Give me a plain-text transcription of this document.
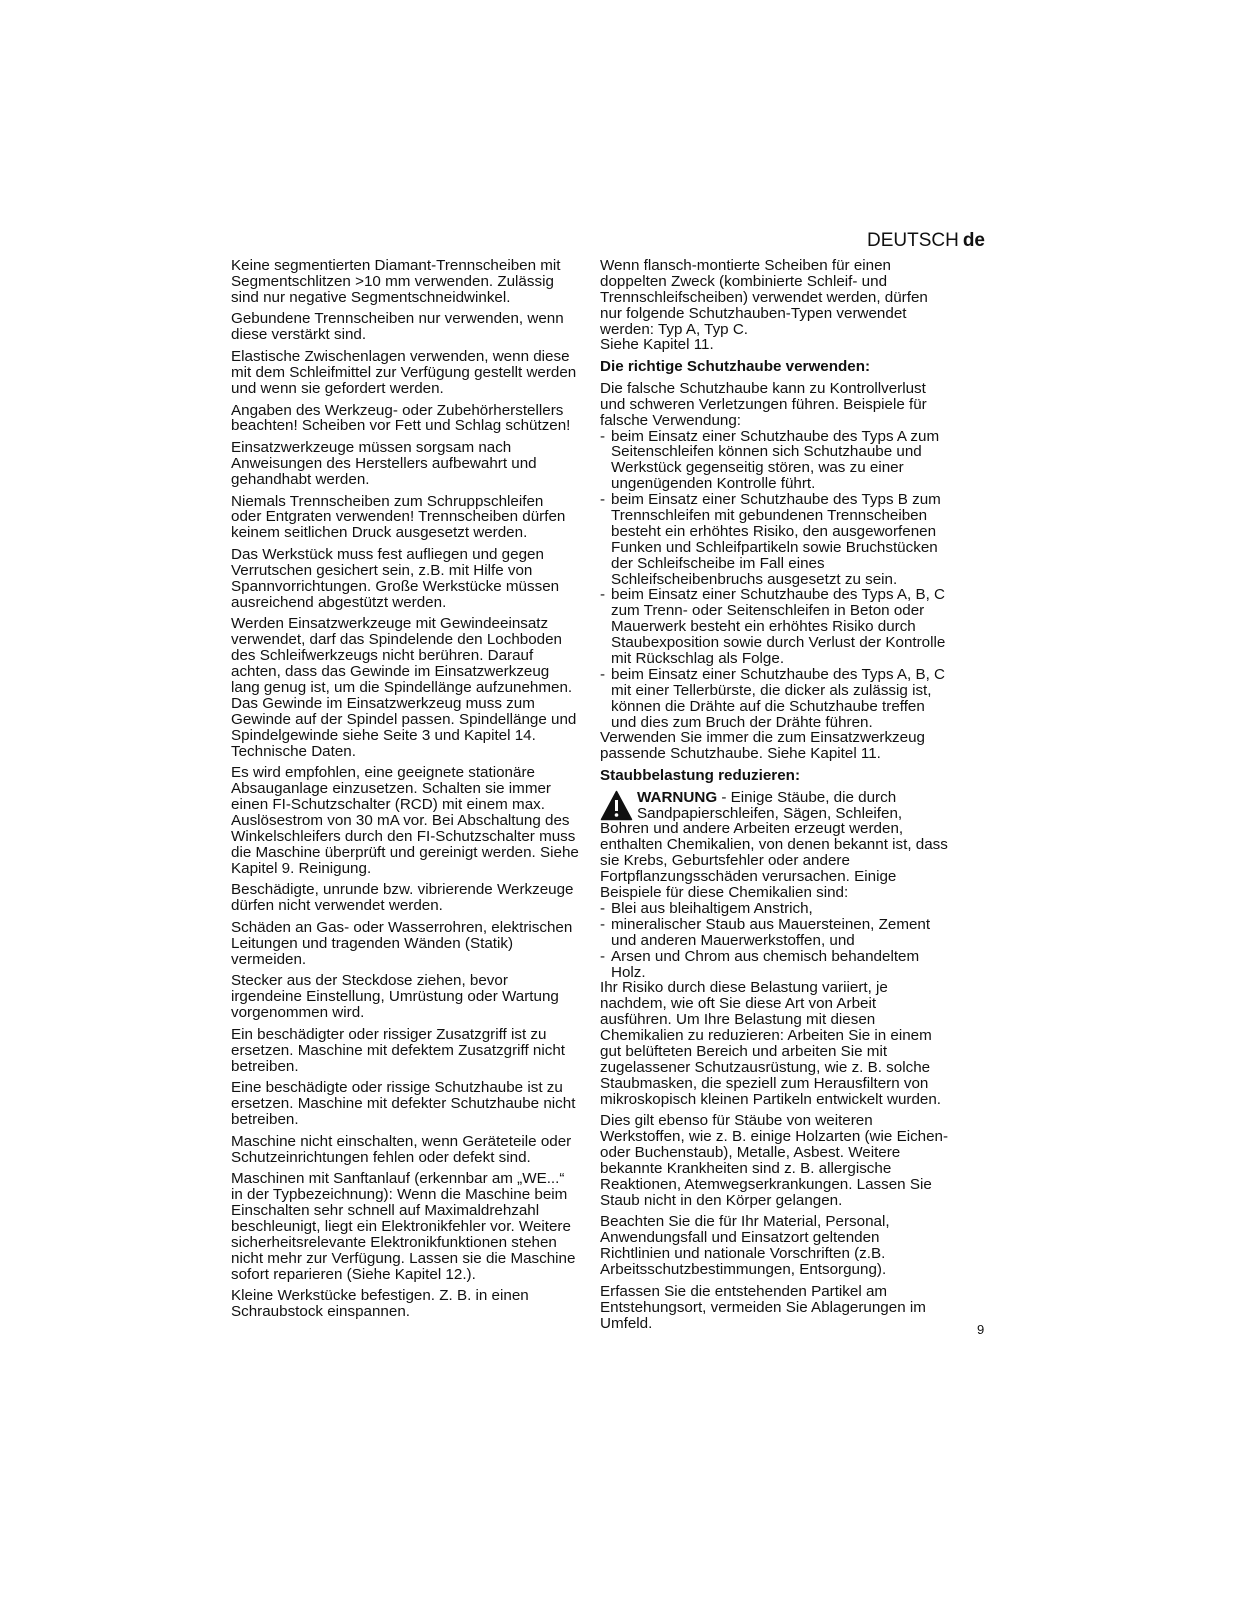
DEUTSCH de
Keine segmentierten Diamant-Trennscheiben mit
Segmentschlitzen >10 mm verwenden. Zulässig
sind nur negative Segmentschneidwinkel.
Gebundene Trennscheiben nur verwenden, wenn
diese verstärkt sind.
Elastische Zwischenlagen verwenden, wenn diese
mit dem Schleifmittel zur Verfügung gestellt werden
und wenn sie gefordert werden.
Angaben des Werkzeug- oder Zubehörherstellers
beachten! Scheiben vor Fett und Schlag schützen!
Einsatzwerkzeuge müssen sorgsam nach
Anweisungen des Herstellers aufbewahrt und
gehandhabt werden.
Niemals Trennscheiben zum Schruppschleifen
oder Entgraten verwenden! Trennscheiben dürfen
keinem seitlichen Druck ausgesetzt werden.
Das Werkstück muss fest aufliegen und gegen
Verrutschen gesichert sein, z.B. mit Hilfe von
Spannvorrichtungen. Große Werkstücke müssen
ausreichend abgestützt werden.
Werden Einsatzwerkzeuge mit Gewindeeinsatz
verwendet, darf das Spindelende den Lochboden
des Schleifwerkzeugs nicht berühren. Darauf
achten, dass das Gewinde im Einsatzwerkzeug
lang genug ist, um die Spindellänge aufzunehmen.
Das Gewinde im Einsatzwerkzeug muss zum
Gewinde auf der Spindel passen. Spindellänge und
Spindelgewinde siehe Seite 3 und Kapitel 14.
Technische Daten.
Es wird empfohlen, eine geeignete stationäre
Absauganlage einzusetzen. Schalten sie immer
einen FI-Schutzschalter (RCD) mit einem max.
Auslösestrom von 30 mA vor. Bei Abschaltung des
Winkelschleifers durch den FI-Schutzschalter muss
die Maschine überprüft und gereinigt werden. Siehe
Kapitel 9. Reinigung.
Beschädigte, unrunde bzw. vibrierende Werkzeuge
dürfen nicht verwendet werden.
Schäden an Gas- oder Wasserrohren, elektrischen
Leitungen und tragenden Wänden (Statik)
vermeiden.
Stecker aus der Steckdose ziehen, bevor
irgendeine Einstellung, Umrüstung oder Wartung
vorgenommen wird.
Ein beschädigter oder rissiger Zusatzgriff ist zu
ersetzen. Maschine mit defektem Zusatzgriff nicht
betreiben.
Eine beschädigte oder rissige Schutzhaube ist zu
ersetzen. Maschine mit defekter Schutzhaube nicht
betreiben.
Maschine nicht einschalten, wenn Geräteteile oder
Schutzeinrichtungen fehlen oder defekt sind.
Maschinen mit Sanftanlauf (erkennbar am „WE...“
in der Typbezeichnung): Wenn die Maschine beim
Einschalten sehr schnell auf Maximaldrehzahl
beschleunigt, liegt ein Elektronikfehler vor. Weitere
sicherheitsrelevante Elektronikfunktionen stehen
nicht mehr zur Verfügung. Lassen sie die Maschine
sofort reparieren (Siehe Kapitel 12.).
Kleine Werkstücke befestigen. Z. B. in einen
Schraubstock einspannen.
Wenn flansch-montierte Scheiben für einen
doppelten Zweck (kombinierte Schleif- und
Trennschleifscheiben) verwendet werden, dürfen
nur folgende Schutzhauben-Typen verwendet
werden: Typ A, Typ C.
Siehe Kapitel 11.
Die richtige Schutzhaube verwenden:
Die falsche Schutzhaube kann zu Kontrollverlust
und schweren Verletzungen führen. Beispiele für
falsche Verwendung:
- beim Einsatz einer Schutzhaube des Typs A zum
Seitenschleifen können sich Schutzhaube und
Werkstück gegenseitig stören, was zu einer
ungenügenden Kontrolle führt.
- beim Einsatz einer Schutzhaube des Typs B zum
Trennschleifen mit gebundenen Trennscheiben
besteht ein erhöhtes Risiko, den ausgeworfenen
Funken und Schleifpartikeln sowie Bruchstücken
der Schleifscheibe im Fall eines
Schleifscheibenbruchs ausgesetzt zu sein.
- beim Einsatz einer Schutzhaube des Typs A, B, C
zum Trenn- oder Seitenschleifen in Beton oder
Mauerwerk besteht ein erhöhtes Risiko durch
Staubexposition sowie durch Verlust der Kontrolle
mit Rückschlag als Folge.
- beim Einsatz einer Schutzhaube des Typs A, B, C
mit einer Tellerbürste, die dicker als zulässig ist,
können die Drähte auf die Schutzhaube treffen
und dies zum Bruch der Drähte führen.
Verwenden Sie immer die zum Einsatzwerkzeug
passende Schutzhaube. Siehe Kapitel 11.
Staubbelastung reduzieren:
WARNUNG - Einige Stäube, die durch
Sandpapierschleifen, Sägen, Schleifen,
Bohren und andere Arbeiten erzeugt werden,
enthalten Chemikalien, von denen bekannt ist, dass
sie Krebs, Geburtsfehler oder andere
Fortpflanzungsschäden verursachen. Einige
Beispiele für diese Chemikalien sind:
- Blei aus bleihaltigem Anstrich,
- mineralischer Staub aus Mauersteinen, Zement
und anderen Mauerwerkstoffen, und
- Arsen und Chrom aus chemisch behandeltem
Holz.
Ihr Risiko durch diese Belastung variiert, je
nachdem, wie oft Sie diese Art von Arbeit
ausführen. Um Ihre Belastung mit diesen
Chemikalien zu reduzieren: Arbeiten Sie in einem
gut belüfteten Bereich und arbeiten Sie mit
zugelassener Schutzausrüstung, wie z. B. solche
Staubmasken, die speziell zum Herausfiltern von
mikroskopisch kleinen Partikeln entwickelt wurden.
Dies gilt ebenso für Stäube von weiteren
Werkstoffen, wie z. B. einige Holzarten (wie Eichen-
oder Buchenstaub), Metalle, Asbest. Weitere
bekannte Krankheiten sind z. B. allergische
Reaktionen, Atemwegserkrankungen. Lassen Sie
Staub nicht in den Körper gelangen.
Beachten Sie die für Ihr Material, Personal,
Anwendungsfall und Einsatzort geltenden
Richtlinien und nationale Vorschriften (z.B.
Arbeitsschutzbestimmungen, Entsorgung).
Erfassen Sie die entstehenden Partikel am
Entstehungsort, vermeiden Sie Ablagerungen im
Umfeld.	9
